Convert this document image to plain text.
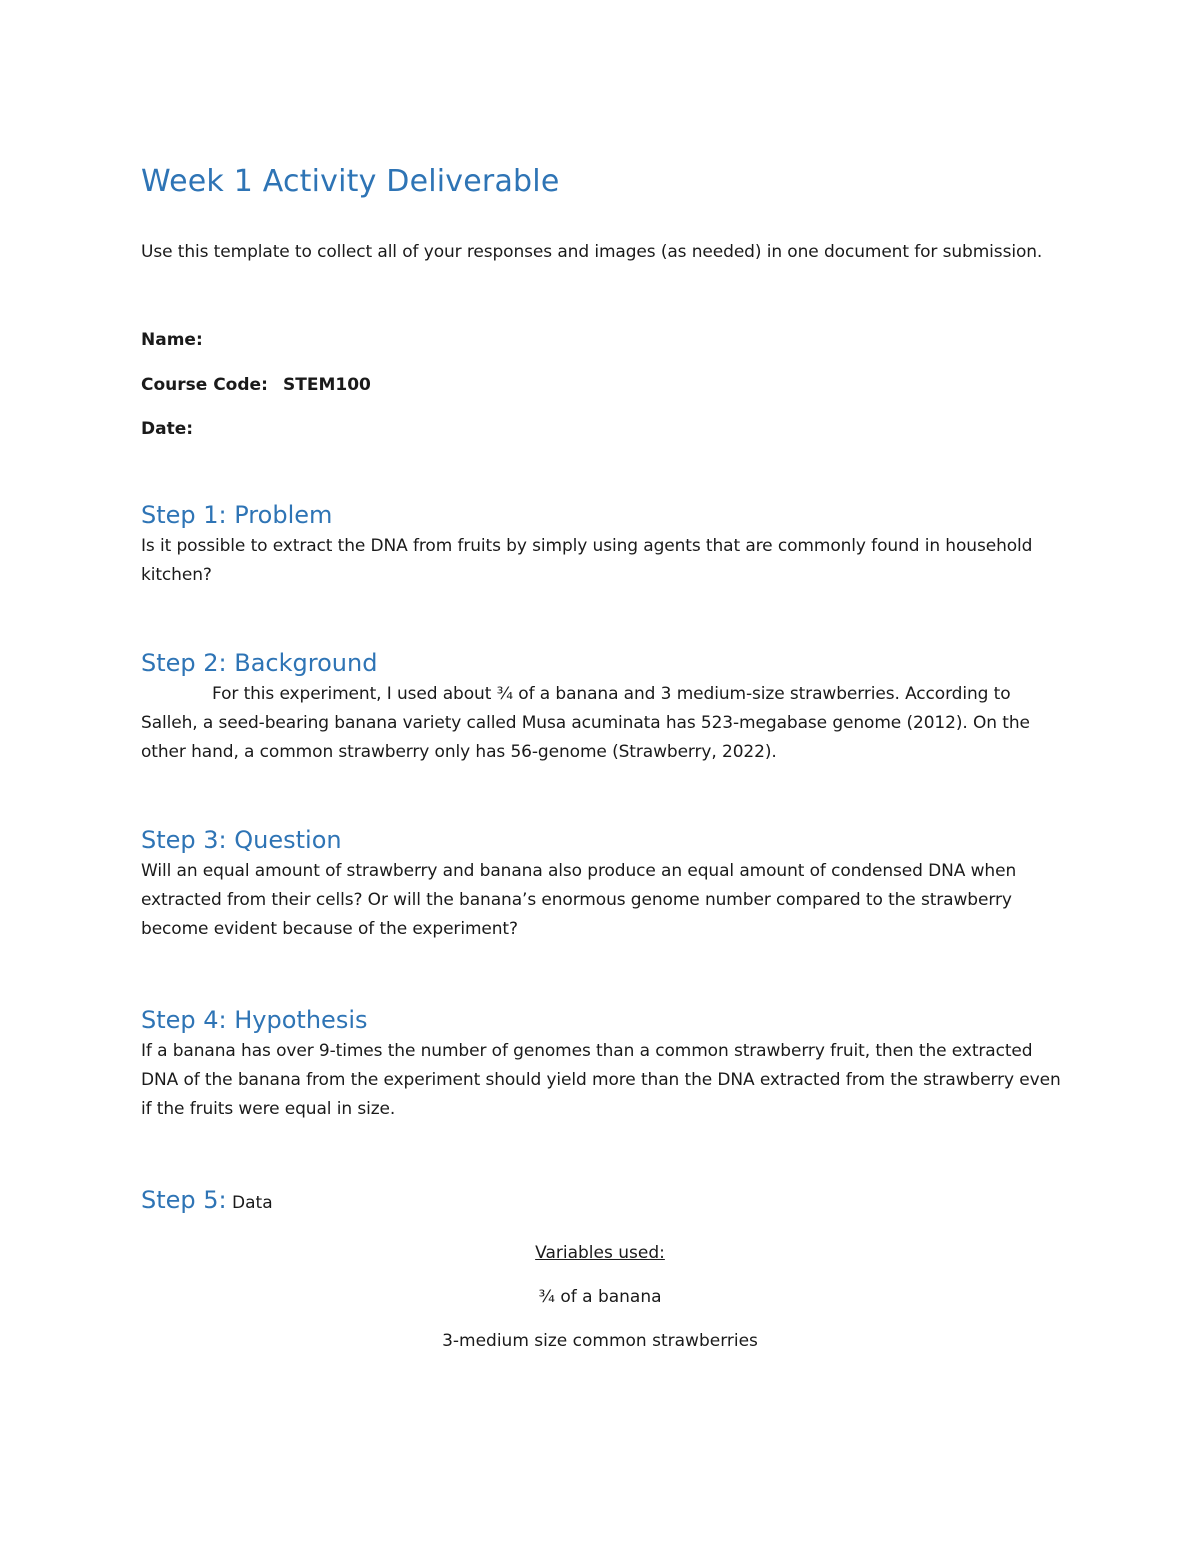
Week 1 Activity Deliverable

Use this template to collect all of your responses and images (as needed) in one document for submission.

Name:

Course Code: STEM100

Date:

Step 1: Problem

Is it possible to extract the DNA from fruits by simply using agents that are commonly found in household kitchen?

Step 2: Background

For this experiment, I used about ¾ of a banana and 3 medium-size strawberries. According to Salleh, a seed-bearing banana variety called Musa acuminata has 523-megabase genome (2012). On the other hand, a common strawberry only has 56-genome (Strawberry, 2022).

Step 3: Question

Will an equal amount of strawberry and banana also produce an equal amount of condensed DNA when extracted from their cells? Or will the banana’s enormous genome number compared to the strawberry become evident because of the experiment?

Step 4: Hypothesis

If a banana has over 9-times the number of genomes than a common strawberry fruit, then the extracted DNA of the banana from the experiment should yield more than the DNA extracted from the strawberry even if the fruits were equal in size.

Step 5: Data

Variables used:

¾ of a banana

3-medium size common strawberries
